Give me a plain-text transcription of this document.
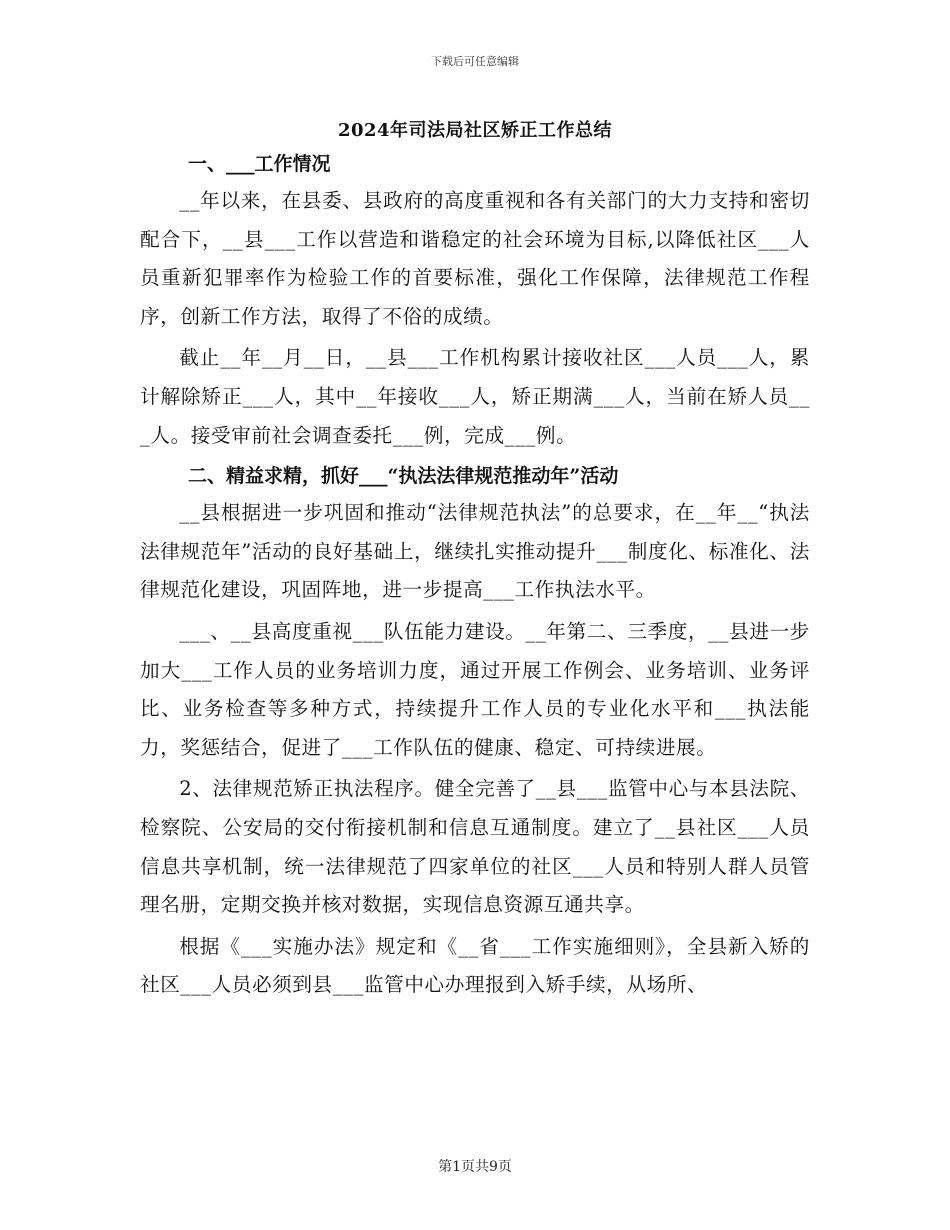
下载后可任意编辑
2024年司法局社区矫正工作总结
一、___工作情况

__年以来，在县委、县政府的高度重视和各有关部门的大力支持和密切配合下，__县___工作以营造和谐稳定的社会环境为目标,以降低社区___人员重新犯罪率作为检验工作的首要标准，强化工作保障，法律规范工作程序，创新工作方法，取得了不俗的成绩。

截止__年__月__日，__县___工作机构累计接收社区___人员___人，累计解除矫正___人，其中__年接收___人，矫正期满___人，当前在矫人员___人。接受审前社会调查委托___例，完成___例。

二、精益求精，抓好___“执法法律规范推动年”活动

__县根据进一步巩固和推动“法律规范执法”的总要求，在__年__“执法法律规范年”活动的良好基础上，继续扎实推动提升___制度化、标准化、法律规范化建设，巩固阵地，进一步提高___工作执法水平。

___、__县高度重视___队伍能力建设。__年第二、三季度，__县进一步加大___工作人员的业务培训力度，通过开展工作例会、业务培训、业务评比、业务检查等多种方式，持续提升工作人员的专业化水平和___执法能力，奖惩结合，促进了___工作队伍的健康、稳定、可持续进展。

2、法律规范矫正执法程序。健全完善了__县___监管中心与本县法院、检察院、公安局的交付衔接机制和信息互通制度。建立了__县社区___人员信息共享机制，统一法律规范了四家单位的社区___人员和特别人群人员管理名册，定期交换并核对数据，实现信息资源互通共享。

根据《___实施办法》规定和《__省___工作实施细则》，全县新入矫的社区___人员必须到县___监管中心办理报到入矫手续，从场所、

第1页共9页
